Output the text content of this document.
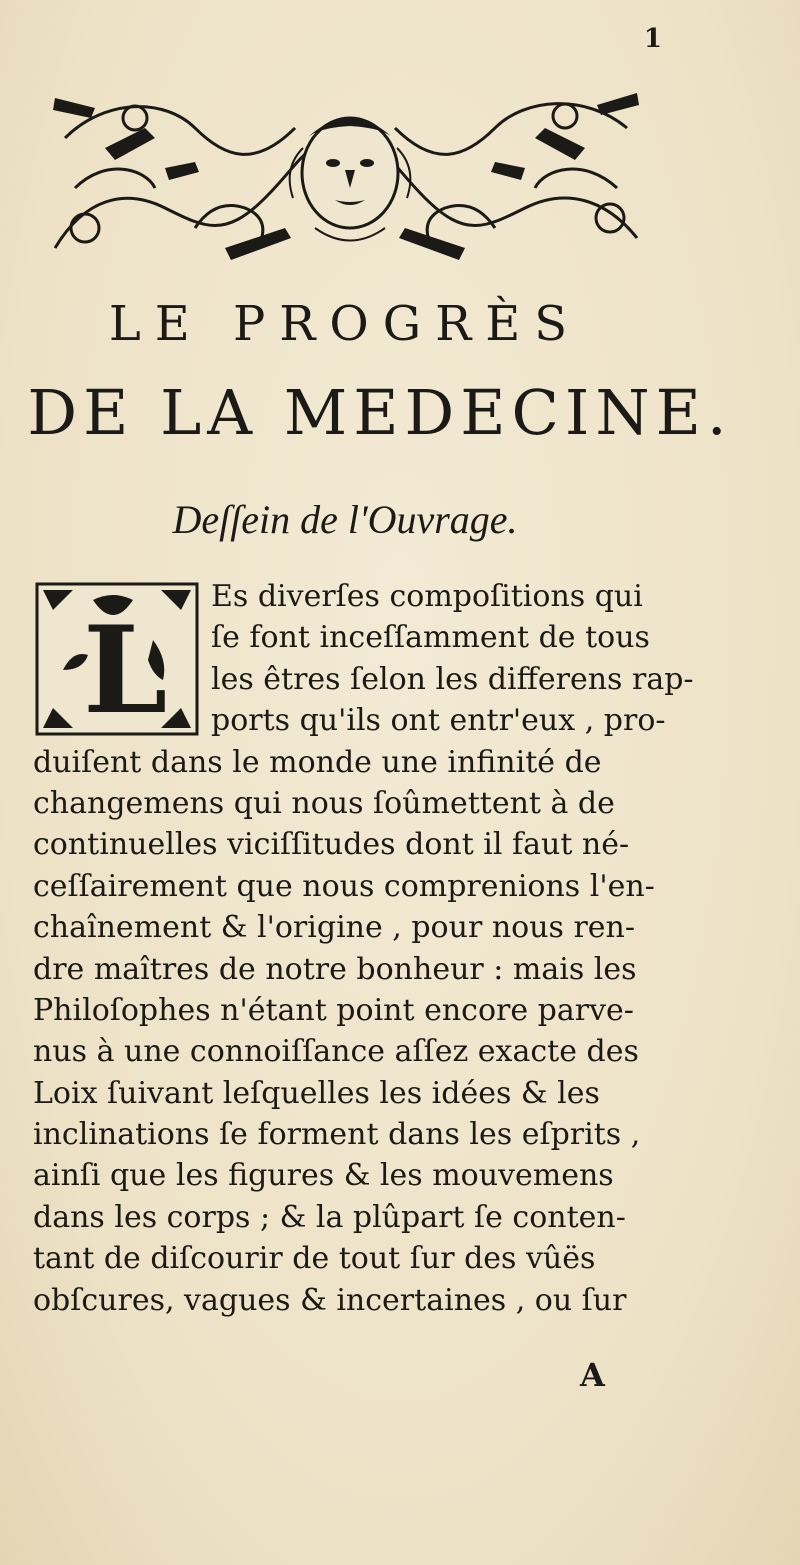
1
LE PROGRÈS
DE LA MEDECINE.
Deſſein de l'Ouvrage.
L
Es diverſes compoſitions qui
ſe font inceſſamment de tous
les êtres ſelon les differens rap-
ports qu'ils ont entr'eux , pro-
duiſent dans le monde une infinité de
changemens qui nous ſoûmettent à de
continuelles viciſſitudes dont il faut né-
ceſſairement que nous comprenions l'en-
chaînement & l'origine , pour nous ren-
dre maîtres de notre bonheur : mais les
Philoſophes n'étant point encore parve-
nus à une connoiſſance aſſez exacte des
Loix ſuivant leſquelles les idées & les
inclinations ſe forment dans les eſprits ,
ainſi que les figures & les mouvemens
dans les corps ; & la plûpart ſe conten-
tant de diſcourir de tout ſur des vûës
obſcures, vagues & incertaines , ou ſur
A
